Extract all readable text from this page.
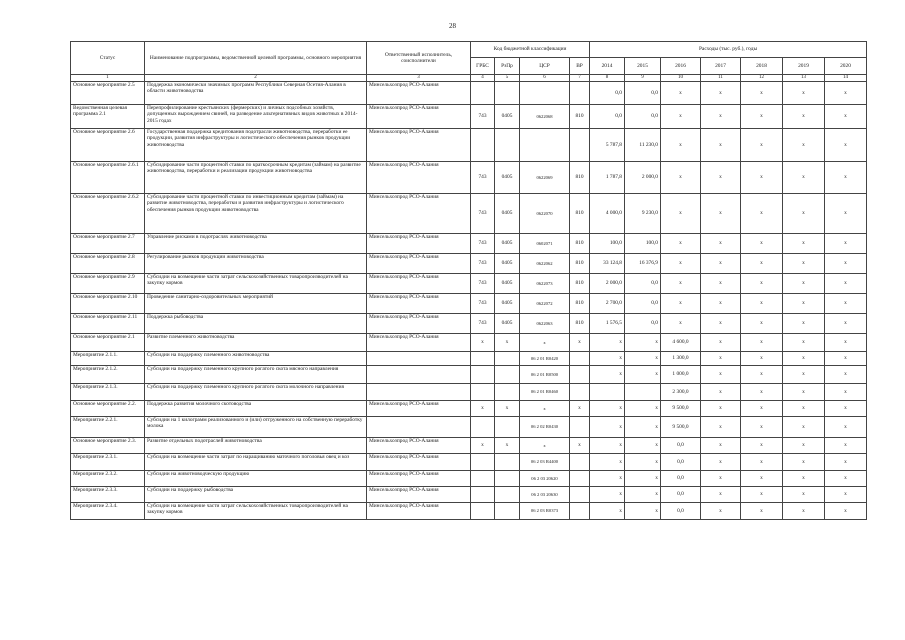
28
Статус	Наименование подпрограммы, ведомственной целевой программы, основного мероприятия	Ответственный исполнитель, соисполнители	Код бюджетной классификации				Расходы (тыс. руб.), годы						
			ГРБС	РзПр	ЦСР	ВР	2014	2015	2016	2017	2018	2019	2020
1	2	3	4	5	6	7	8	9	10	11	12	13	14
Основное мероприятие 2.5	Поддержка экономически значимых программ Республики Северная Осетия-Алания в области животноводства	Минсельхозпрод РСО-Алания					0,0	0,0	х	х	х	х	х
Ведомственная целевая программа 2.1	Перепрофилирование крестьянских (фермерских) и личных подсобных хозяйств, допущенных вырождением свиней, на разведение альтернативных видов животных в 2014-2015 годах	Минсельхозпрод РСО-Алания	743	0405	0622068	810	0,0	0,0	х	х	х	х	х
Основное мероприятие 2.6	Государственная поддержка кредитования подотрасли животноводства, переработки ее продукции, развития инфраструктуры и логистического обеспечения рынков продукции животноводства	Минсельхозпрод РСО-Алания					5 787,8	11 230,0	х	х	х	х	х
Основное мероприятие 2.6.1	Субсидирование части процентной ставки по краткосрочным кредитам (займам) на развитие животноводства, переработки и реализации продукции животноводства	Минсельхозпрод РСО-Алания	743	0405	0622069	810	1 787,8	2 000,0	х	х	х	х	х
Основное мероприятие 2.6.2	Субсидирование части процентной ставки по инвестиционным кредитам (займам) на развитие животноводства, переработки и развития инфраструктуры и логистического обеспечения рынков продукции животноводства	Минсельхозпрод РСО-Алания	743	0405	0622070	810	4 000,0	9 230,0	х	х	х	х	х
Основное мероприятие 2.7	Управление рисками в подотраслях животноводства	Минсельхозпрод РСО-Алания	743	0405	0602071	810	100,0	100,0	х	х	х	х	х
Основное мероприятие 2.8	Регулирование рынков продукции животноводства	Минсельхозпрод РСО-Алания	743	0405	0622062	810	33 124,8	16 376,9	х	х	х	х	х
Основное мероприятие 2.9	Субсидии на возмещение части затрат сельскохозяйственных товаропроизводителей на закупку кормов	Минсельхозпрод РСО-Алания	743	0405	0622073	810	2 000,0	0,0	х	х	х	х	х
Основное мероприятие 2.10	Проведение санитарно-оздоровительных мероприятий	Минсельхозпрод РСО-Алания	743	0405	0622072	810	2 700,0	0,0	х	х	х	х	х
Основное мероприятие 2.11	Поддержка рыбоводства	Минсельхозпрод РСО-Алания	743	0405	0622063	810	1 576,5	0,0	х	х	х	х	х
Основное мероприятие 2.1	Развитие племенного животноводства	Минсельхозпрод РСО-Алания	х	х	х	х	х	х	4 600,0	х	х	х	х
Мероприятие 2.1.1.	Субсидии на поддержку племенного животноводства				06 2 01 R0420		х	х	1 300,0	х	х	х	х
Мероприятие 2.1.2.	Субсидии на поддержку племенного крупного рогатого скота мясного направления				06 2 01 R0500		х	х	1 000,0	х	х	х	х
Мероприятие 2.1.3.	Субсидии на поддержку племенного крупного рогатого скота молочного направления				06 2 01 R0460				2 300,0	х	х	х	х
Основное мероприятие 2.2.	Поддержка развития молочного скотоводства	Минсельхозпрод РСО-Алания	х	х	х	х	х	х	9 500,0	х	х	х	х
Мероприятие 2.2.1.	Субсидии на 1 килограмм реализованного и (или) отгруженного на собственную переработку молока				06 2 02 R0430		х	х	9 500,0	х	х	х	х
Основное мероприятие 2.3.	Развитие отдельных подотраслей животноводства	Минсельхозпрод РСО-Алания	х	х	х	х	х	х	0,0	х	х	х	х
Мероприятие 2.3.1.	Субсидии на возмещение части затрат по наращиванию маточного поголовья овец и коз	Минсельхозпрод РСО-Алания			06 2 03 R4400		х	х	0,0	х	х	х	х
Мероприятие 2.3.2.	Субсидии на животноводческую продукцию	Минсельхозпрод РСО-Алания			06 2 03 20620		х	х	0,0	х	х	х	х
Мероприятие 2.3.3.	Субсидии на поддержку рыбоводства	Минсельхозпрод РСО-Алания			06 2 03 20630		х	х	0,0	х	х	х	х
Мероприятие 2.3.4.	Субсидии на возмещение части затрат сельскохозяйственных товаропроизводителей на закупку кормов	Минсельхозпрод РСО-Алания			06 2 03 R0373		х	х	0,0	х	х	х	х
